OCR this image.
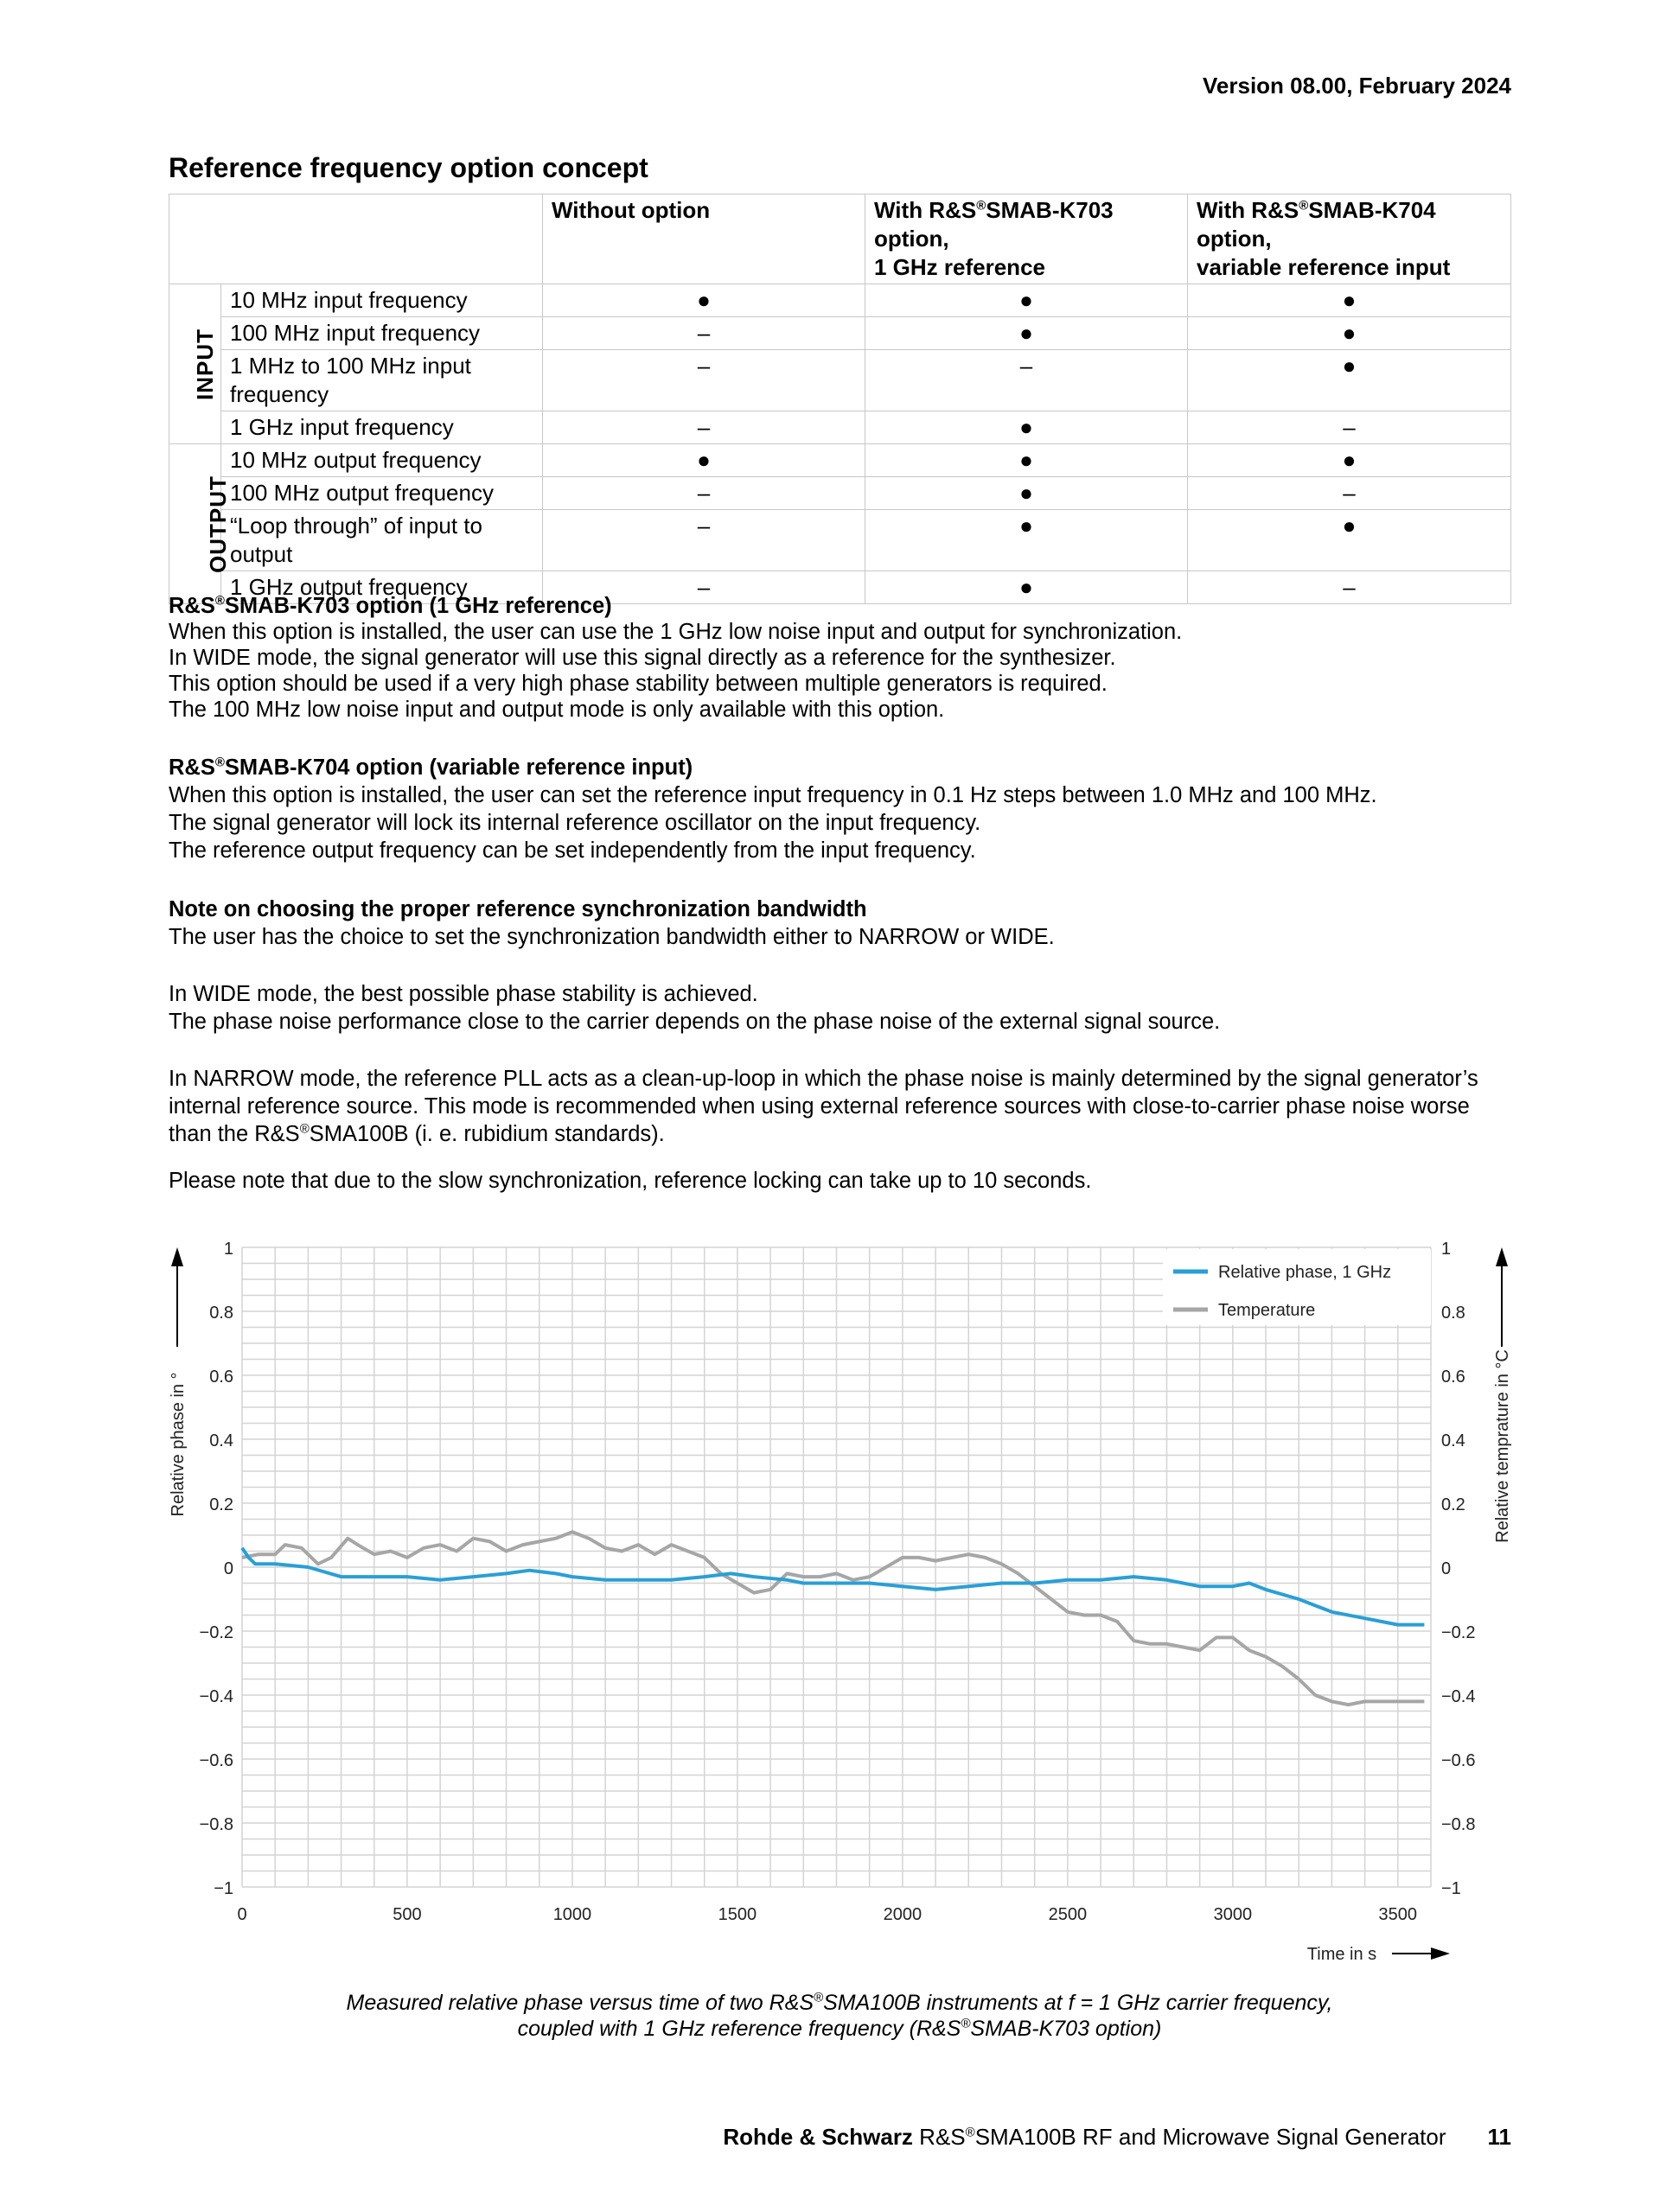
Version 08.00, February 2024
Reference frequency option concept
		Without option	With R&S®SMAB-K703
option,
1 GHz reference	With R&S®SMAB-K704
option,
variable reference input
INPUT	10 MHz input frequency	●	●	●
	100 MHz input frequency	–	●	●
	1 MHz to 100 MHz input frequency	–	–	●
	1 GHz input frequency	–	●	–
OUTPUT	10 MHz output frequency	●	●	●
	100 MHz output frequency	–	●	–
	“Loop through” of input to output	–	●	●
	1 GHz output frequency	–	●	–
R&S®SMAB-K703 option (1 GHz reference)
When this option is installed, the user can use the 1 GHz low noise input and output for synchronization.
In WIDE mode, the signal generator will use this signal directly as a reference for the synthesizer.
This option should be used if a very high phase stability between multiple generators is required.
The 100 MHz low noise input and output mode is only available with this option.
R&S®SMAB-K704 option (variable reference input)
When this option is installed, the user can set the reference input frequency in 0.1 Hz steps between 1.0 MHz and 100 MHz.
The signal generator will lock its internal reference oscillator on the input frequency.
The reference output frequency can be set independently from the input frequency.
Note on choosing the proper reference synchronization bandwidth
The user has the choice to set the synchronization bandwidth either to NARROW or WIDE.
In WIDE mode, the best possible phase stability is achieved.
The phase noise performance close to the carrier depends on the phase noise of the external signal source.
In NARROW mode, the reference PLL acts as a clean-up-loop in which the phase noise is mainly determined by the signal generator’s
internal reference source. This mode is recommended when using external reference sources with close-to-carrier phase noise worse
than the R&S®SMA100B (i. e. rubidium standards).
Please note that due to the slow synchronization, reference locking can take up to 10 seconds.
1	1
0.8	0.8
0.6	0.6
0.4	0.4
0.2	0.2
0	0
−0.2	−0.2
−0.4	−0.4
−0.6	−0.6
−0.8	−0.8
−1	−1
0	500	1000	1500	2000	2500	3000	3500
Relative phase in °	Relative temprature in °C
Time in s
Relative phase, 1 GHz
Temperature
Measured relative phase versus time of two R&S®SMA100B instruments at f = 1 GHz carrier frequency,
coupled with 1 GHz reference frequency (R&S®SMAB-K703 option)
Rohde & Schwarz R&S®SMA100B RF and Microwave Signal Generator 11
